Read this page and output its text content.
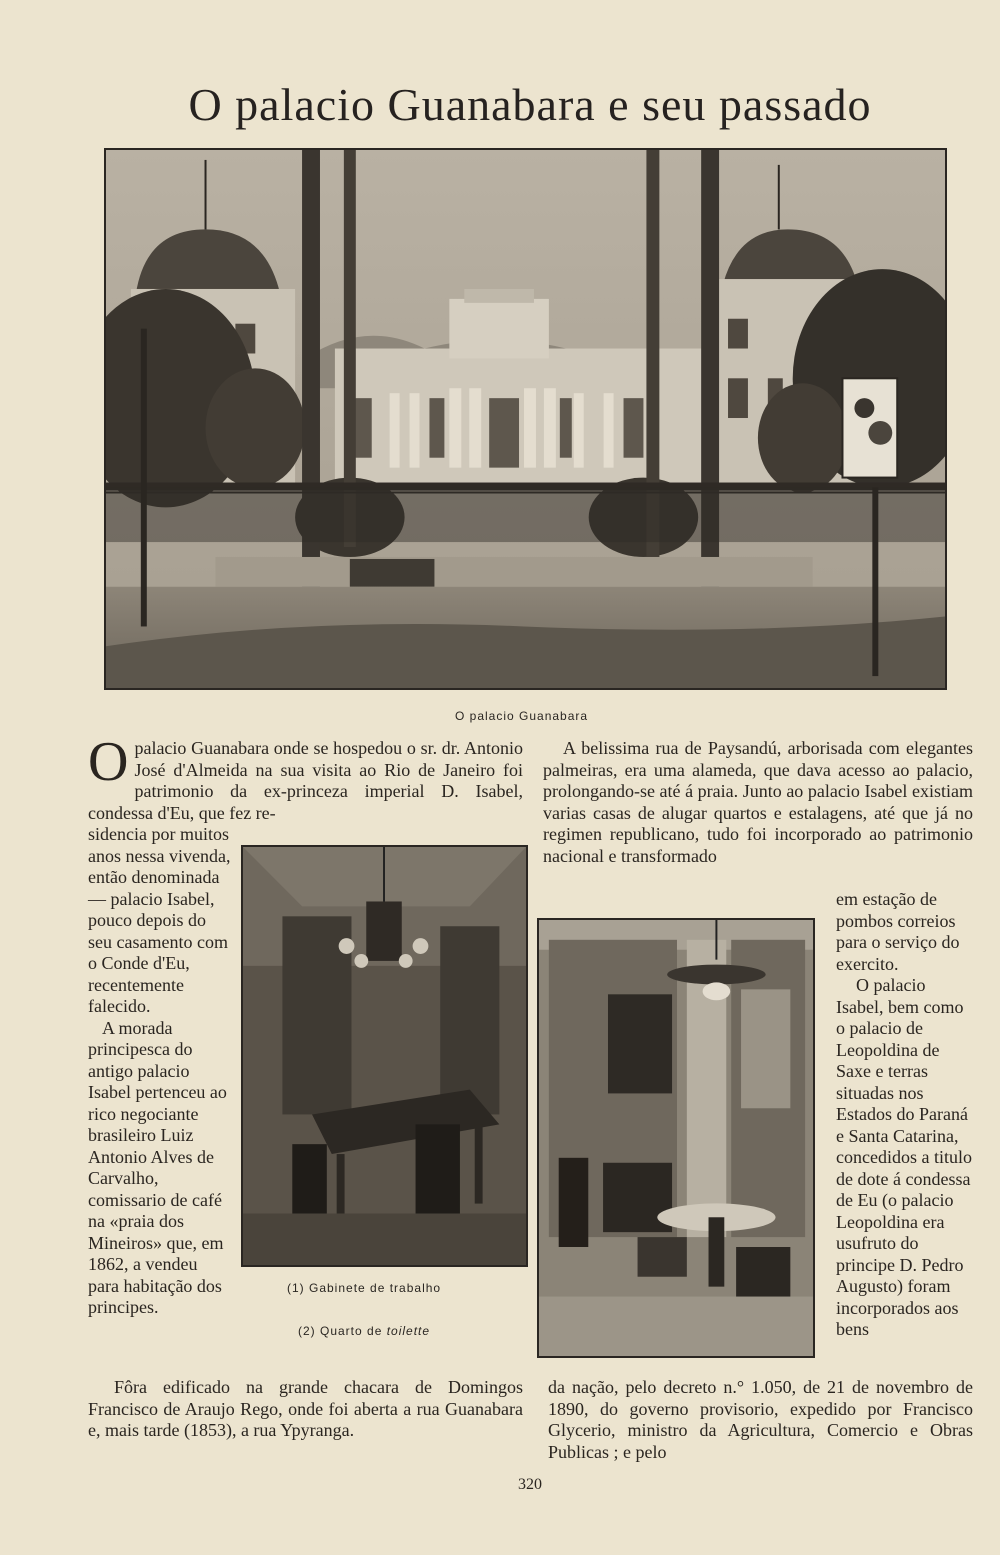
O palacio Guanabara e seu passado
O palacio Guanabara
(1) Gabinete de trabalho
(2) Quarto de toilette
O palacio Guanabara onde se hospedou o sr. dr. Antonio José d'Almeida na sua visita ao Rio de Janeiro foi patrimonio da ex-princeza imperial D. Isabel, condessa d'Eu, que fez re-

sidencia por muitos anos nessa vivenda, então denominada — palacio Isabel, pouco depois do seu casamento com o Conde d'Eu, recentemente falecido.

A morada principesca do antigo palacio Isabel pertenceu ao rico negociante brasileiro Luiz Antonio Alves de Carvalho, comissario de café na «praia dos Mineiros» que, em 1862, a vendeu para habitação dos principes.

Fôra edificado na grande chacara de Domingos Francisco de Araujo Rego, onde foi aberta a rua Guanabara e, mais tarde (1853), a rua Ypyranga.

A belissima rua de Paysandú, arborisada com elegantes palmeiras, era uma alameda, que dava acesso ao palacio, prolongando-se até á praia. Junto ao palacio Isabel existiam varias casas de alugar quartos e estalagens, até que já no regimen republicano, tudo foi incorporado ao patrimonio nacional e transformado

em estação de pombos correios para o serviço do exercito.

O palacio Isabel, bem como o palacio de Leopoldina de Saxe e terras situadas nos Estados do Paraná e Santa Catarina, concedidos a titulo de dote á condessa de Eu (o palacio Leopoldina era usufruto do principe D. Pedro Augusto) foram incorporados aos bens

da nação, pelo decreto n.° 1.050, de 21 de novembro de 1890, do governo provisorio, expedido por Francisco Glycerio, ministro da Agricultura, Comercio e Obras Publicas ; e pelo

320
